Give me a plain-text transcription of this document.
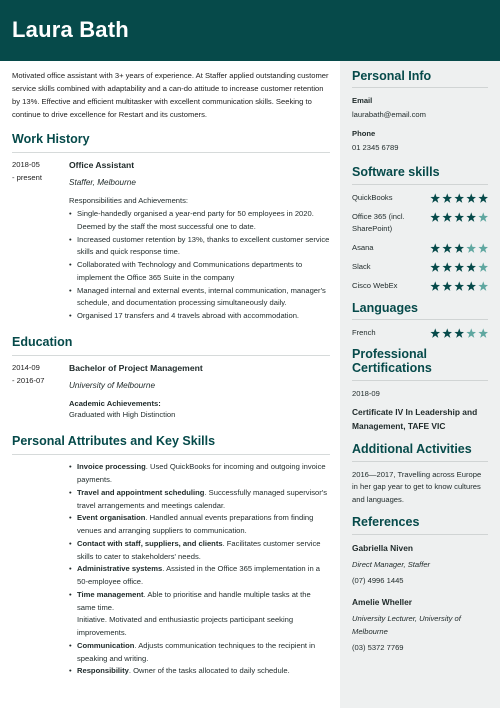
Laura Bath

Motivated office assistant with 3+ years of experience. At Staffer applied outstanding customer service skills combined with adaptability and a can-do attitude to increase customer retention by 13%. Effective and efficient multitasker with excellent communication skills. Seeking to continue to drive excellence for Restart and its customers.

Work History
2018-05
- present
Office Assistant
Staffer, Melbourne
Responsibilities and Achievements:
• Single-handedly organised a year-end party for 50 employees in 2020. Deemed by the staff the most successful one to date.
• Increased customer retention by 13%, thanks to excellent customer service skills and quick response time.
• Collaborated with Technology and Communications departments to implement the Office 365 Suite in the company
• Managed internal and external events, internal communication, manager's schedule, and documentation processing simultaneously daily.
• Organised 17 transfers and 4 travels abroad with accommodation.
Education
2014-09
- 2016-07
Bachelor of Project Management
University of Melbourne
Academic Achievements:
Graduated with High Distinction
Personal Attributes and Key Skills
• Invoice processing. Used QuickBooks for incoming and outgoing invoice payments.
• Travel and appointment scheduling. Successfully managed supervisor's travel arrangements and meetings calendar.
• Event organisation. Handled annual events preparations from finding venues and arranging suppliers to communication.
• Contact with staff, suppliers, and clients. Facilitates customer service skills to cater to stakeholders' needs.
• Administrative systems. Assisted in the Office 365 implementation in a 50-employee office.
• Time management. Able to prioritise and handle multiple tasks at the same time.
Initiative. Motivated and enthusiastic projects participant seeking improvements.
• Communication. Adjusts communication techniques to the recipient in speaking and writing.
• Responsibility. Owner of the tasks allocated to daily schedule.
Personal Info
Email
laurabath@email.com
Phone
01 2345 6789
Software skills
QuickBooks
Office 365 (incl. SharePoint)
Asana
Slack
Cisco WebEx
Languages
French
Professional Certifications
2018-09
Certificate IV In Leadership and Management, TAFE VIC
Additional Activities
2016—2017, Travelling across Europe in her gap year to get to know cultures and languages.
References
Gabriella Niven
Direct Manager, Staffer
(07) 4996 1445
Amelie Wheller
University Lecturer, University of Melbourne
(03) 5372 7769
